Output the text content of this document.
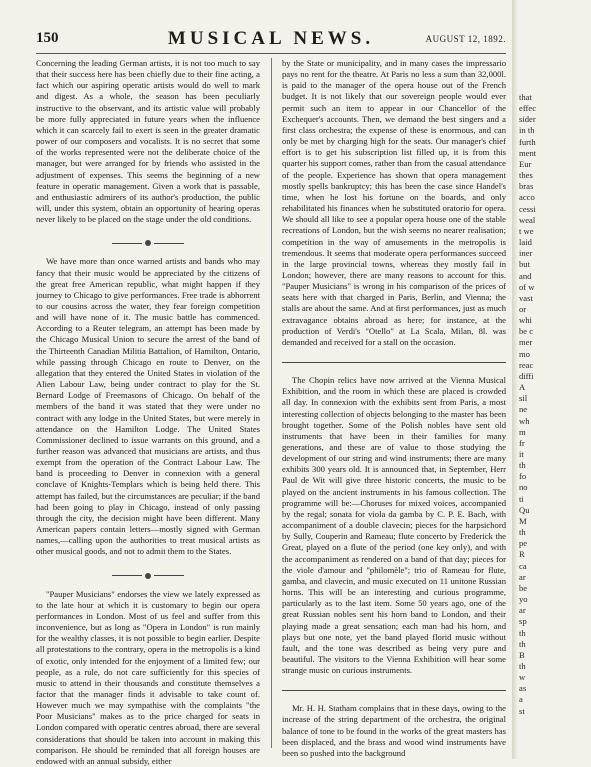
150	MUSICAL NEWS.	AUGUST 12, 1892.

Concerning the leading German artists, it is not too much to say that their success here has been chiefly due to their fine acting, a fact which our aspiring operatic artists would do well to mark and digest. As a whole, the season has been peculiarly instructive to the observant, and its artistic value will probably be more fully appreciated in future years when the influence which it can scarcely fail to exert is seen in the greater dramatic power of our composers and vocalists. It is no secret that some of the works represented were not the deliberate choice of the manager, but were arranged for by friends who assisted in the adjustment of expenses. This seems the beginning of a new feature in operatic management. Given a work that is passable, and enthusiastic admirers of its author's production, the public will, under this system, obtain an opportunity of hearing operas never likely to be placed on the stage under the old conditions.

We have more than once warned artists and bands who may fancy that their music would be appreciated by the citizens of the great free American republic, what might happen if they journey to Chicago to give performances. Free trade is abhorrent to our cousins across the water, they fear foreign competition and will have none of it. The music battle has commenced. According to a Reuter telegram, an attempt has been made by the Chicago Musical Union to secure the arrest of the band of the Thirteenth Canadian Militia Battalion, of Hamilton, Ontario, while passing through Chicago en route to Denver, on the allegation that they entered the United States in violation of the Alien Labour Law, being under contract to play for the St. Bernard Lodge of Freemasons of Chicago. On behalf of the members of the band it was stated that they were under no contract with any lodge in the United States, but were merely in attendance on the Hamilton Lodge. The United States Commissioner declined to issue warrants on this ground, and a further reason was advanced that musicians are artists, and thus exempt from the operation of the Contract Labour Law. The band is proceeding to Denver in connexion with a general conclave of Knights-Templars which is being held there. This attempt has failed, but the circumstances are peculiar; if the band had been going to play in Chicago, instead of only passing through the city, the decision might have been different. Many American papers contain letters—mostly signed with German names,—calling upon the authorities to treat musical artists as other musical goods, and not to admit them to the States.

"Pauper Musicians" endorses the view we lately expressed as to the late hour at which it is customary to begin our opera performances in London. Most of us feel and suffer from this inconvenience, but as long as "Opera in London" is run mainly for the wealthy classes, it is not possible to begin earlier. Despite all protestations to the contrary, opera in the metropolis is a kind of exotic, only intended for the enjoyment of a limited few; our people, as a rule, do not care sufficiently for this species of music to attend in their thousands and constitute themselves a factor that the manager finds it advisable to take count of. However much we may sympathise with the complaints "the Poor Musicians" makes as to the price charged for seats in London compared with operatic centres abroad, there are several considerations that should be taken into account in making this comparison. He should be reminded that all foreign houses are endowed with an annual subsidy, either

by the State or municipality, and in many cases the impressario pays no rent for the theatre. At Paris no less a sum than 32,000l. is paid to the manager of the opera house out of the French budget. It is not likely that our sovereign people would ever permit such an item to appear in our Chancellor of the Exchequer's accounts. Then, we demand the best singers and a first class orchestra; the expense of these is enormous, and can only be met by charging high for the seats. Our manager's chief effort is to get his subscription list filled up, it is from this quarter his support comes, rather than from the casual attendance of the people. Experience has shown that opera management mostly spells bankruptcy; this has been the case since Handel's time, when he lost his fortune on the boards, and only rehabilitated his finances when he substituted oratorio for opera. We should all like to see a popular opera house one of the stable recreations of London, but the wish seems no nearer realisation; competition in the way of amusements in the metropolis is tremendous. It seems that moderate opera performances succeed in the large provincial towns, whereas they mostly fail in London; however, there are many reasons to account for this. "Pauper Musicians" is wrong in his comparison of the prices of seats here with that charged in Paris, Berlin, and Vienna; the stalls are about the same. And at first performances, just as much extravagance obtains abroad as here; for instance, at the production of Verdi's "Otello" at La Scala, Milan, 8l. was demanded and received for a stall on the occasion.

The Chopin relics have now arrived at the Vienna Musical Exhibition, and the room in which these are placed is crowded all day. In connexion with the exhibits sent from Paris, a most interesting collection of objects belonging to the master has been brought together. Some of the Polish nobles have sent old instruments that have been in their families for many generations, and these are of value to those studying the development of our string and wind instruments; there are many exhibits 300 years old. It is announced that, in September, Herr Paul de Wit will give three historic concerts, the music to be played on the ancient instruments in his famous collection. The programme will be:—Choruses for mixed voices, accompanied by the regal; sonata for viola da gamba by C. P. E. Bach, with accompaniment of a double clavecin; pieces for the harpsichord by Sully, Couperin and Rameau; flute concerto by Frederick the Great, played on a flute of the period (one key only), and with the accompaniment as rendered on a band of that day; pieces for the viole d'amour and "philomèle"; trio of Rameau for flute, gamba, and clavecin, and music executed on 11 unitone Russian horns. This will be an interesting and curious programme, particularly as to the last item. Some 50 years ago, one of the great Russian nobles sent his horn band to London, and their playing made a great sensation; each man had his horn, and plays but one note, yet the band played florid music without fault, and the tone was described as being very pure and beautiful. The visitors to the Vienna Exhibition will hear some strange music on curious instruments.

Mr. H. H. Statham complains that in these days, owing to the increase of the string department of the orchestra, the original balance of tone to be found in the works of the great masters has been displaced, and the brass and wood wind instruments have been so pushed into the background

that
effec
sider
in th
furth
ment
Eur
thes
bras
acco
cessi
weal
t we
laid
iner
but
and
of w
vast
or
whi
be c
mer
mo
reac
diffi
A
sil
ne
wh
m
fr
it
th
fo
no
ti
Qu
M
th
pe
R
ca
ar
be
yo
ar
sp
th
th
B
th
w
as
a
st
